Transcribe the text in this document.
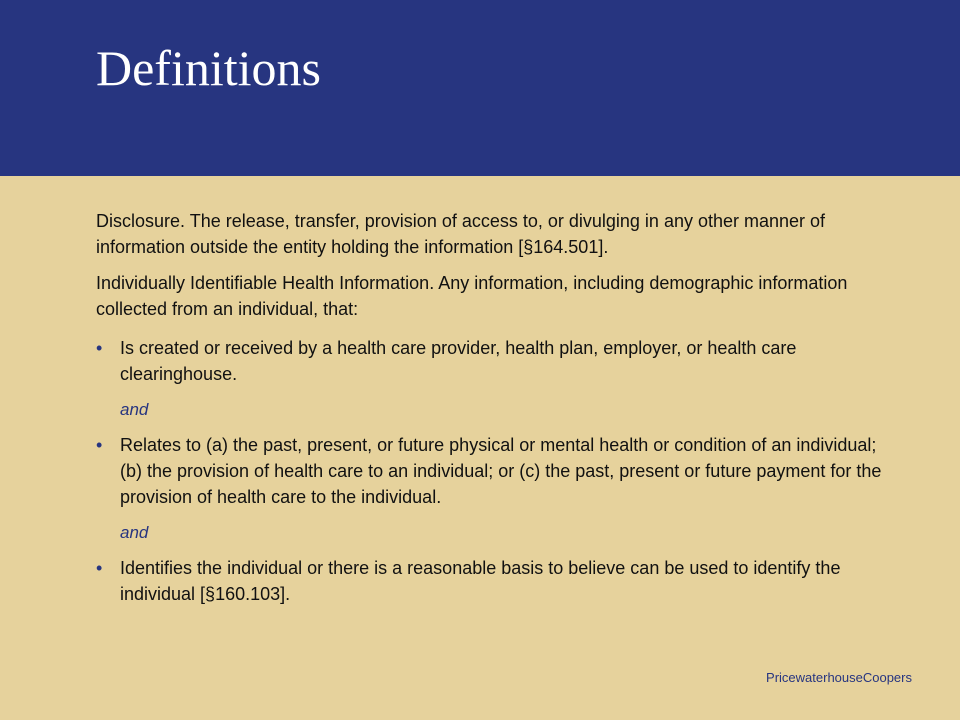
Definitions

Disclosure. The release, transfer, provision of access to, or divulging in any other manner of information outside the entity holding the information [§164.501].

Individually Identifiable Health Information. Any information, including demographic information collected from an individual, that:

• Is created or received by a health care provider, health plan, employer, or health care clearinghouse.

and

• Relates to (a) the past, present, or future physical or mental health or condition of an individual; (b) the provision of health care to an individual; or (c) the past, present or future payment for the provision of health care to the individual.

and

• Identifies the individual or there is a reasonable basis to believe can be used to identify the individual [§160.103].

PricewaterhouseCoopers
